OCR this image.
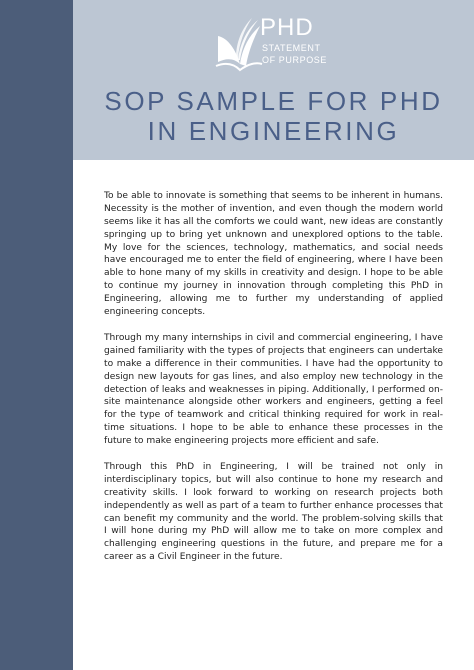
PHD
STATEMENT
OF PURPOSE
SOP SAMPLE FOR PHD
IN ENGINEERING

To be able to innovate is something that seems to be inherent in humans. Necessity is the mother of invention, and even though the modern world seems like it has all the comforts we could want, new ideas are constantly springing up to bring yet unknown and unexplored options to the table. My love for the sciences, technology, mathematics, and social needs have encouraged me to enter the field of engineering, where I have been able to hone many of my skills in creativity and design. I hope to be able to continue my journey in innovation through completing this PhD in Engineering, allowing me to further my understanding of applied engineering concepts.

Through my many internships in civil and commercial engineering, I have gained familiarity with the types of projects that engineers can undertake to make a difference in their communities. I have had the opportunity to design new layouts for gas lines, and also employ new technology in the detection of leaks and weaknesses in piping. Additionally, I performed on-site maintenance alongside other workers and engineers, getting a feel for the type of teamwork and critical thinking required for work in real-time situations. I hope to be able to enhance these processes in the future to make engineering projects more efficient and safe.

Through this PhD in Engineering, I will be trained not only in interdisciplinary topics, but will also continue to hone my research and creativity skills. I look forward to working on research projects both independently as well as part of a team to further enhance processes that can benefit my community and the world. The problem-solving skills that I will hone during my PhD will allow me to take on more complex and challenging engineering questions in the future, and prepare me for a career as a Civil Engineer in the future.
